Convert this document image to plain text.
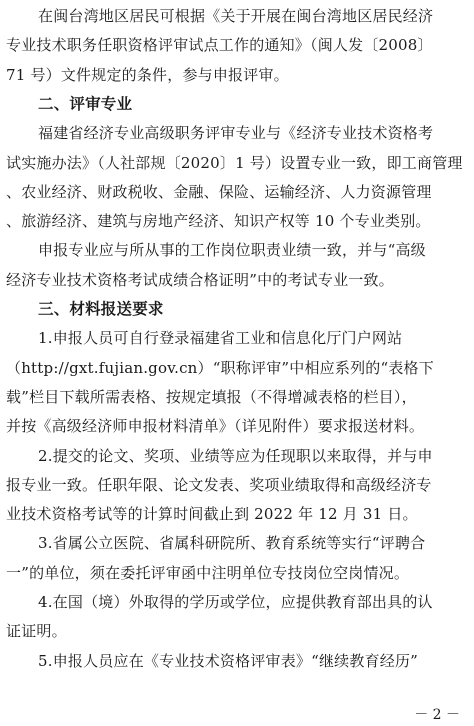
在闽台湾地区居民可根据《关于开展在闽台湾地区居民经济
专业技术职务任职资格评审试点工作的通知》（闽人发〔2008〕
71 号）文件规定的条件，参与申报评审。
二、评审专业
福建省经济专业高级职务评审专业与《经济专业技术资格考
试实施办法》（人社部规〔2020〕1 号）设置专业一致，即工商管理
、农业经济、财政税收、金融、保险、运输经济、人力资源管理
、旅游经济、建筑与房地产经济、知识产权等 10 个专业类别。
申报专业应与所从事的工作岗位职责业绩一致，并与“高级
经济专业技术资格考试成绩合格证明”中的考试专业一致。
三、材料报送要求
1.申报人员可自行登录福建省工业和信息化厅门户网站
（http://gxt.fujian.gov.cn）“职称评审”中相应系列的“表格下
载”栏目下载所需表格、按规定填报（不得增减表格的栏目），
并按《高级经济师申报材料清单》（详见附件）要求报送材料。
2.提交的论文、奖项、业绩等应为任现职以来取得，并与申
报专业一致。任职年限、论文发表、奖项业绩取得和高级经济专
业技术资格考试等的计算时间截止到 2022 年 12 月 31 日。
3.省属公立医院、省属科研院所、教育系统等实行“评聘合
一”的单位，须在委托评审函中注明单位专技岗位空岗情况。
4.在国（境）外取得的学历或学位，应提供教育部出具的认
证证明。
5.申报人员应在《专业技术资格评审表》“继续教育经历”
－ 2 －
